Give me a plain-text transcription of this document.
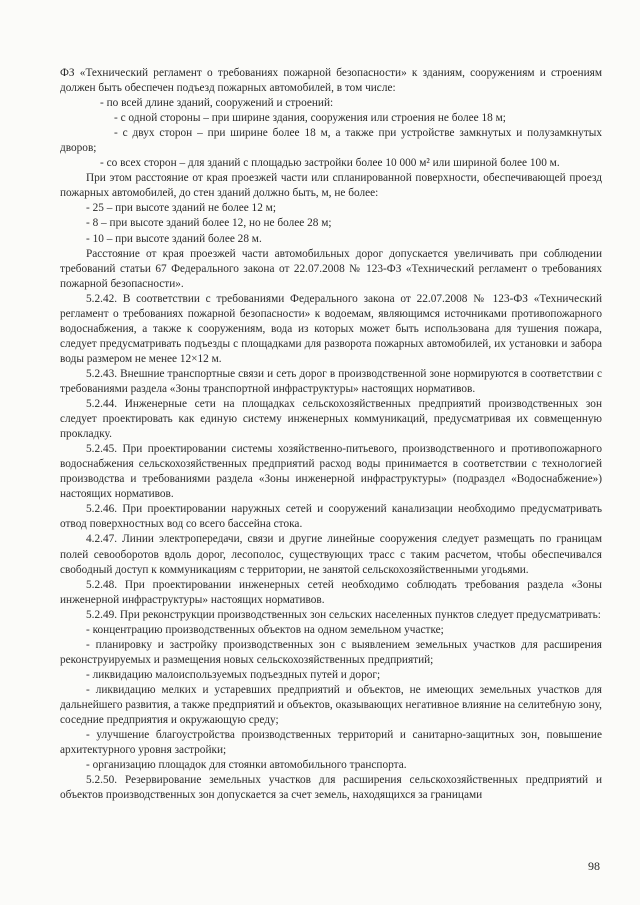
ФЗ «Технический регламент о требованиях пожарной безопасности» к зданиям, сооружениям и строениям должен быть обеспечен подъезд пожарных автомобилей, в том числе:

- по всей длине зданий, сооружений и строений:

- с одной стороны – при ширине здания, сооружения или строения не более 18 м;

- с двух сторон – при ширине более 18 м, а также при устройстве замкнутых и полузамкнутых дворов;

- со всех сторон – для зданий с площадью застройки более 10 000 м² или шириной более 100 м.

При этом расстояние от края проезжей части или спланированной поверхности, обеспечивающей проезд пожарных автомобилей, до стен зданий должно быть, м, не более:

- 25 – при высоте зданий не более 12 м;

- 8 – при высоте зданий более 12, но не более 28 м;

- 10 – при высоте зданий более 28 м.

Расстояние от края проезжей части автомобильных дорог допускается увеличивать при соблюдении требований статьи 67 Федерального закона от 22.07.2008 № 123-ФЗ «Технический регламент о требованиях пожарной безопасности».

5.2.42. В соответствии с требованиями Федерального закона от 22.07.2008 № 123-ФЗ «Технический регламент о требованиях пожарной безопасности» к водоемам, являющимся источниками противопожарного водоснабжения, а также к сооружениям, вода из которых может быть использована для тушения пожара, следует предусматривать подъезды с площадками для разворота пожарных автомобилей, их установки и забора воды размером не менее 12×12 м.

5.2.43. Внешние транспортные связи и сеть дорог в производственной зоне нормируются в соответствии с требованиями раздела «Зоны транспортной инфраструктуры» настоящих нормативов.

5.2.44. Инженерные сети на площадках сельскохозяйственных предприятий производственных зон следует проектировать как единую систему инженерных коммуникаций, предусматривая их совмещенную прокладку.

5.2.45. При проектировании системы хозяйственно-питьевого, производственного и противопожарного водоснабжения сельскохозяйственных предприятий расход воды принимается в соответствии с технологией производства и требованиями раздела «Зоны инженерной инфраструктуры» (подраздел «Водоснабжение») настоящих нормативов.

5.2.46. При проектировании наружных сетей и сооружений канализации необходимо предусматривать отвод поверхностных вод со всего бассейна стока.

4.2.47. Линии электропередачи, связи и другие линейные сооружения следует размещать по границам полей севооборотов вдоль дорог, лесополос, существующих трасс с таким расчетом, чтобы обеспечивался свободный доступ к коммуникациям с территории, не занятой сельскохозяйственными угодьями.

5.2.48. При проектировании инженерных сетей необходимо соблюдать требования раздела «Зоны инженерной инфраструктуры» настоящих нормативов.

5.2.49. При реконструкции производственных зон сельских населенных пунктов следует предусматривать:

- концентрацию производственных объектов на одном земельном участке;

- планировку и застройку производственных зон с выявлением земельных участков для расширения реконструируемых и размещения новых сельскохозяйственных предприятий;

- ликвидацию малоиспользуемых подъездных путей и дорог;

- ликвидацию мелких и устаревших предприятий и объектов, не имеющих земельных участков для дальнейшего развития, а также предприятий и объектов, оказывающих негативное влияние на селитебную зону, соседние предприятия и окружающую среду;

- улучшение благоустройства производственных территорий и санитарно-защитных зон, повышение архитектурного уровня застройки;

- организацию площадок для стоянки автомобильного транспорта.

5.2.50. Резервирование земельных участков для расширения сельскохозяйственных предприятий и объектов производственных зон допускается за счет земель, находящихся за границами

98
